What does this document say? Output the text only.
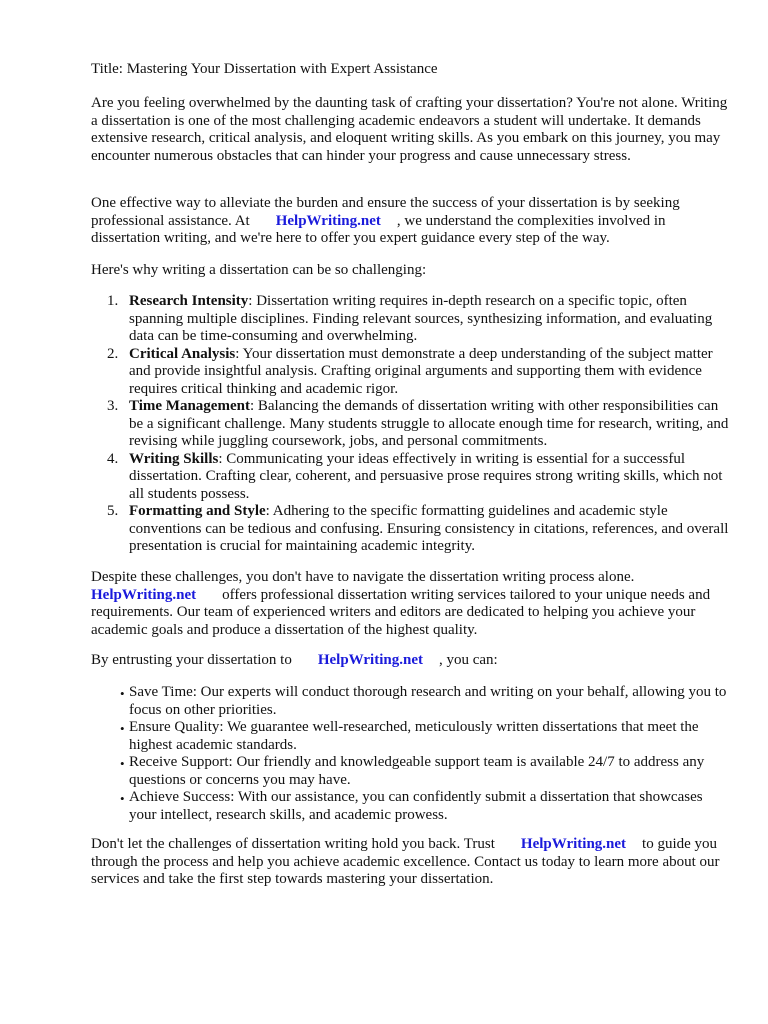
Title: Mastering Your Dissertation with Expert Assistance

Are you feeling overwhelmed by the daunting task of crafting your dissertation? You're not alone. Writing a dissertation is one of the most challenging academic endeavors a student will undertake. It demands extensive research, critical analysis, and eloquent writing skills. As you embark on this journey, you may encounter numerous obstacles that can hinder your progress and cause unnecessary stress.

One effective way to alleviate the burden and ensure the success of your dissertation is by seeking professional assistance. At HelpWriting.net , we understand the complexities involved in dissertation writing, and we're here to offer you expert guidance every step of the way.

Here's why writing a dissertation can be so challenging:

1. Research Intensity: Dissertation writing requires in-depth research on a specific topic, often spanning multiple disciplines. Finding relevant sources, synthesizing information, and evaluating data can be time-consuming and overwhelming.
2. Critical Analysis: Your dissertation must demonstrate a deep understanding of the subject matter and provide insightful analysis. Crafting original arguments and supporting them with evidence requires critical thinking and academic rigor.
3. Time Management: Balancing the demands of dissertation writing with other responsibilities can be a significant challenge. Many students struggle to allocate enough time for research, writing, and revising while juggling coursework, jobs, and personal commitments.
4. Writing Skills: Communicating your ideas effectively in writing is essential for a successful dissertation. Crafting clear, coherent, and persuasive prose requires strong writing skills, which not all students possess.
5. Formatting and Style: Adhering to the specific formatting guidelines and academic style conventions can be tedious and confusing. Ensuring consistency in citations, references, and overall presentation is crucial for maintaining academic integrity.

Despite these challenges, you don't have to navigate the dissertation writing process alone.
HelpWriting.net offers professional dissertation writing services tailored to your unique needs and requirements. Our team of experienced writers and editors are dedicated to helping you achieve your academic goals and produce a dissertation of the highest quality.

By entrusting your dissertation to HelpWriting.net , you can:

• Save Time: Our experts will conduct thorough research and writing on your behalf, allowing you to focus on other priorities.
• Ensure Quality: We guarantee well-researched, meticulously written dissertations that meet the highest academic standards.
• Receive Support: Our friendly and knowledgeable support team is available 24/7 to address any questions or concerns you may have.
• Achieve Success: With our assistance, you can confidently submit a dissertation that showcases your intellect, research skills, and academic prowess.

Don't let the challenges of dissertation writing hold you back. Trust HelpWriting.net to guide you through the process and help you achieve academic excellence. Contact us today to learn more about our services and take the first step towards mastering your dissertation.
